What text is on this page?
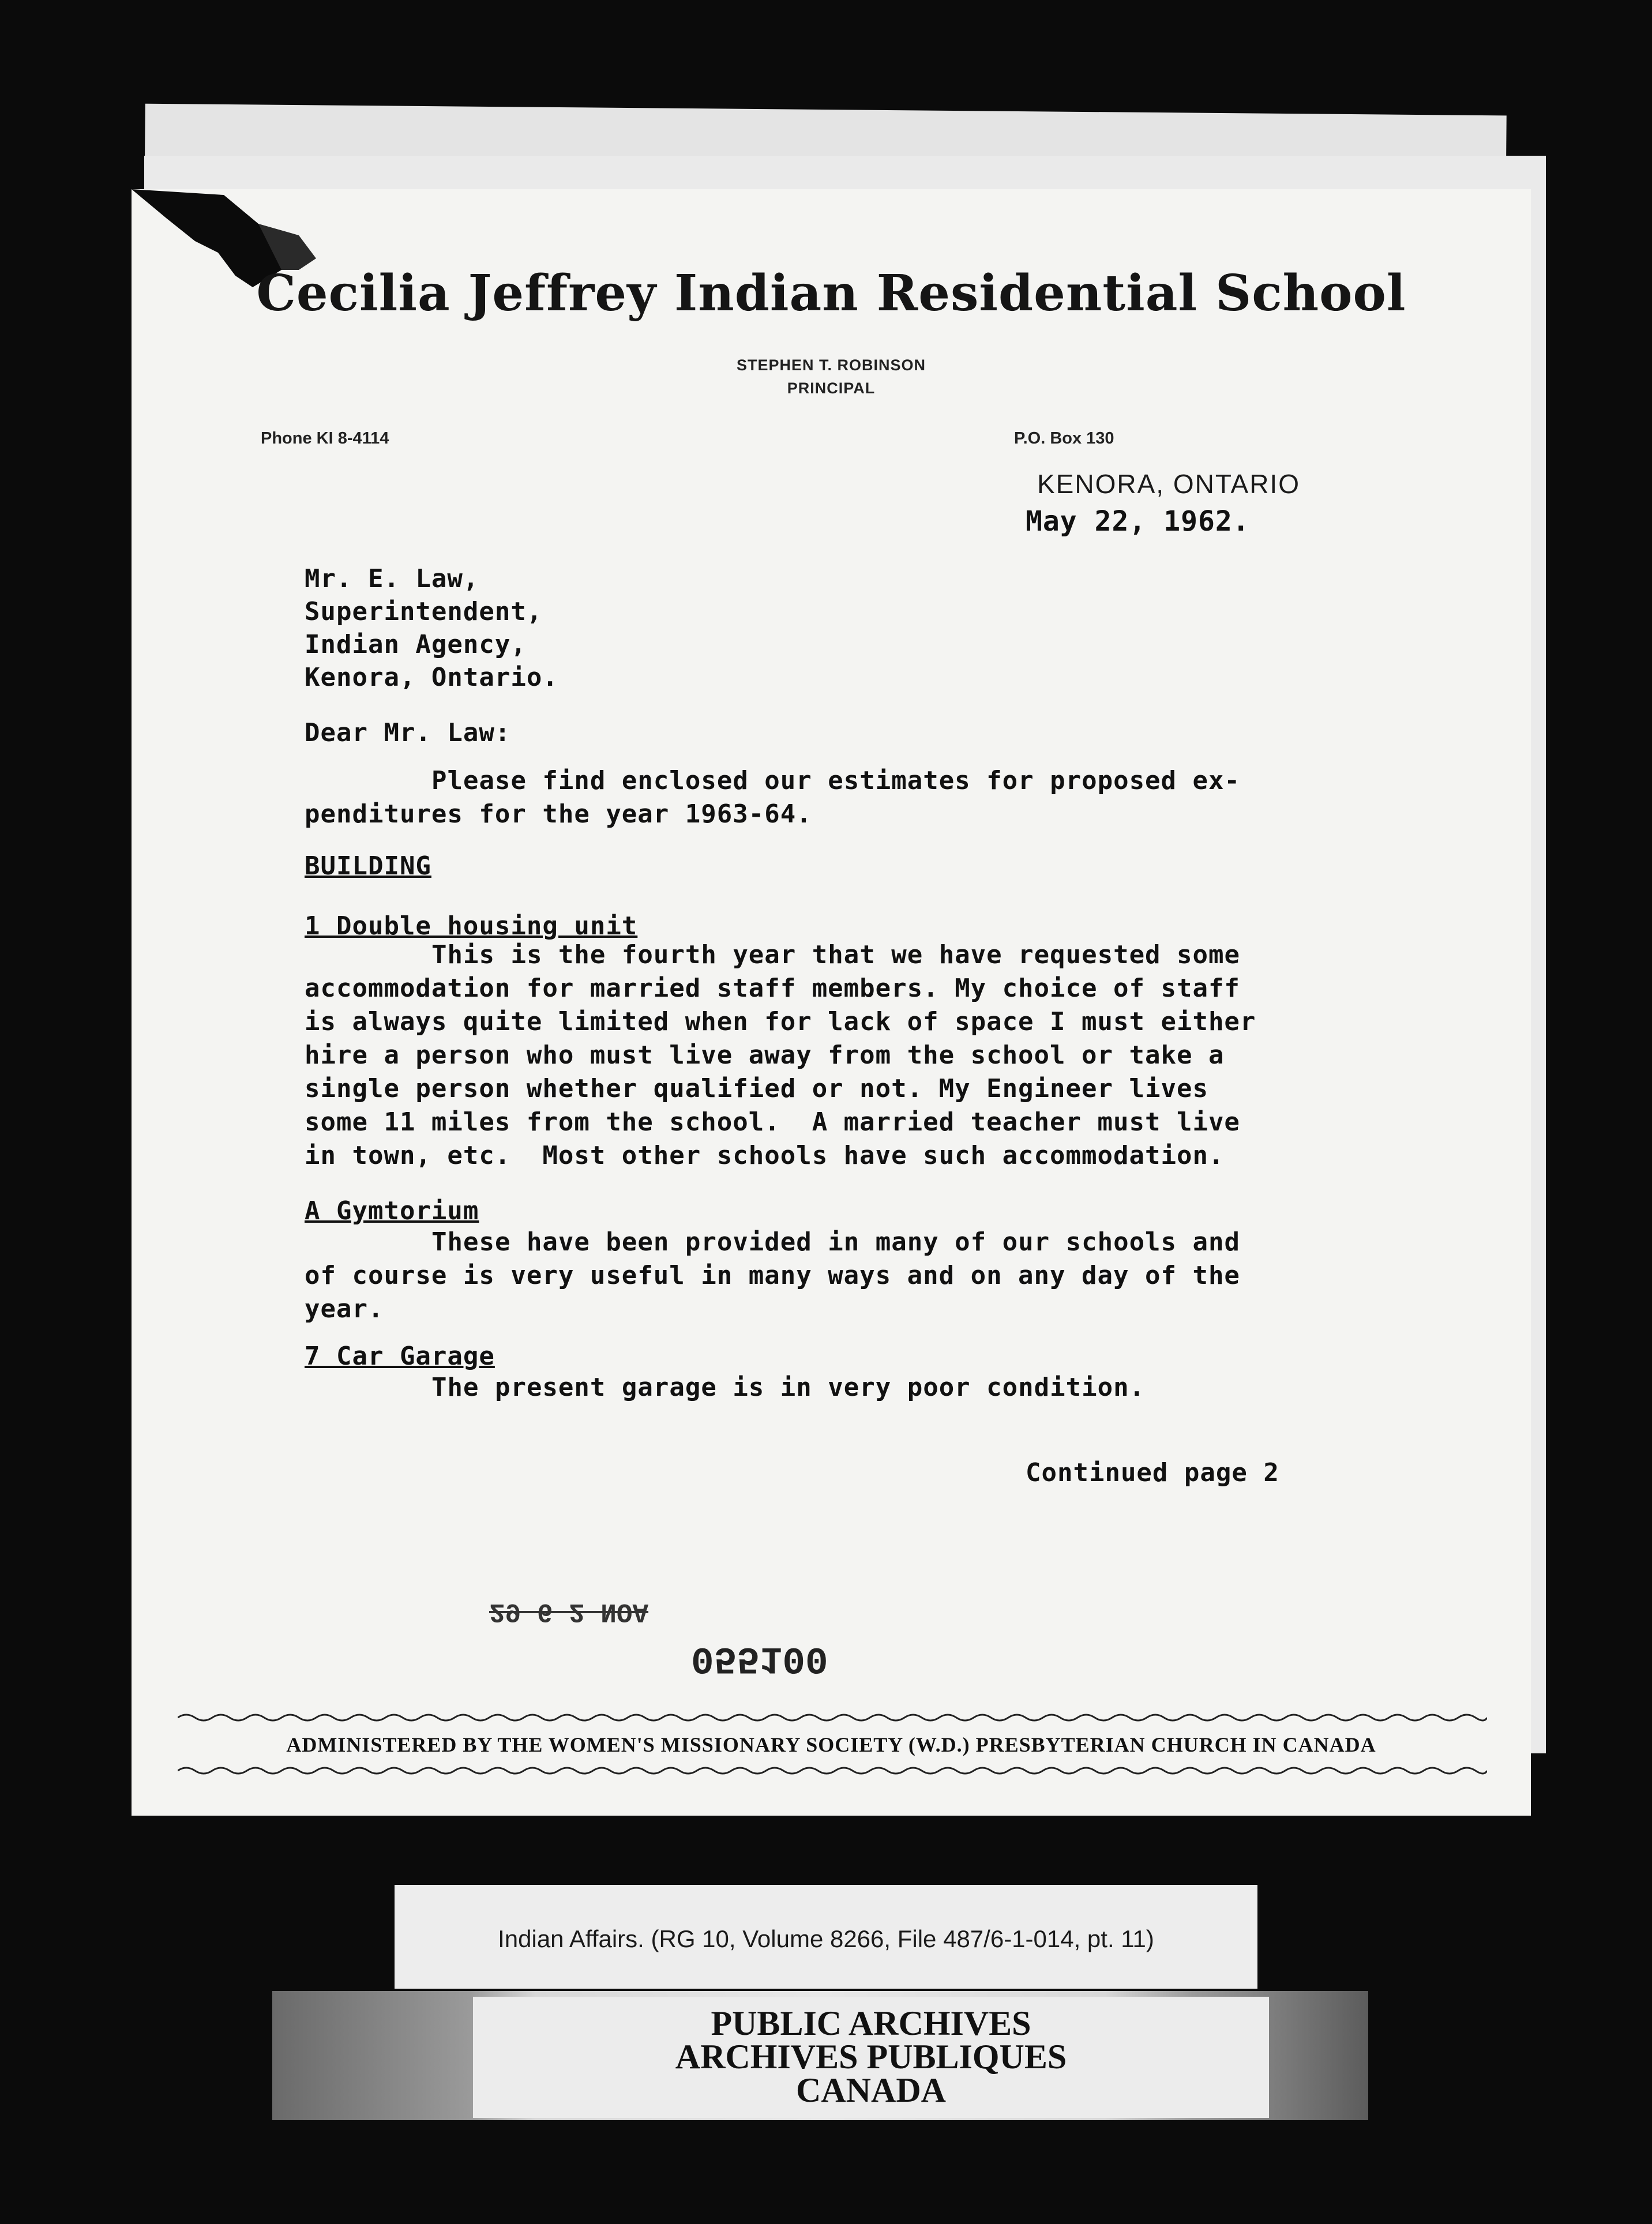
Cecilia Jeffrey Indian Residential School
STEPHEN T. ROBINSON
PRINCIPAL
Phone KI 8-4114	P.O. Box 130
KENORA, ONTARIO
May 22, 1962.
Mr. E. Law,
Superintendent,
Indian Agency,
Kenora, Ontario.
Dear Mr. Law:
Please find enclosed our estimates for proposed ex-
penditures for the year 1963-64.
BUILDING
1 Double housing unit
This is the fourth year that we have requested some
accommodation for married staff members. My choice of staff
is always quite limited when for lack of space I must either
hire a person who must live away from the school or take a
single person whether qualified or not. My Engineer lives
some 11 miles from the school.  A married teacher must live
in town, etc.  Most other schools have such accommodation.
A Gymtorium
These have been provided in many of our schools and
of course is very useful in many ways and on any day of the
year.
7 Car Garage
The present garage is in very poor condition.
Continued page 2
29 6 2 NOA
055100
ADMINISTERED BY THE WOMEN'S MISSIONARY SOCIETY (W.D.) PRESBYTERIAN CHURCH IN CANADA
Indian Affairs. (RG 10, Volume 8266, File 487/6-1-014, pt. 11)
PUBLIC ARCHIVES
ARCHIVES PUBLIQUES
CANADA
